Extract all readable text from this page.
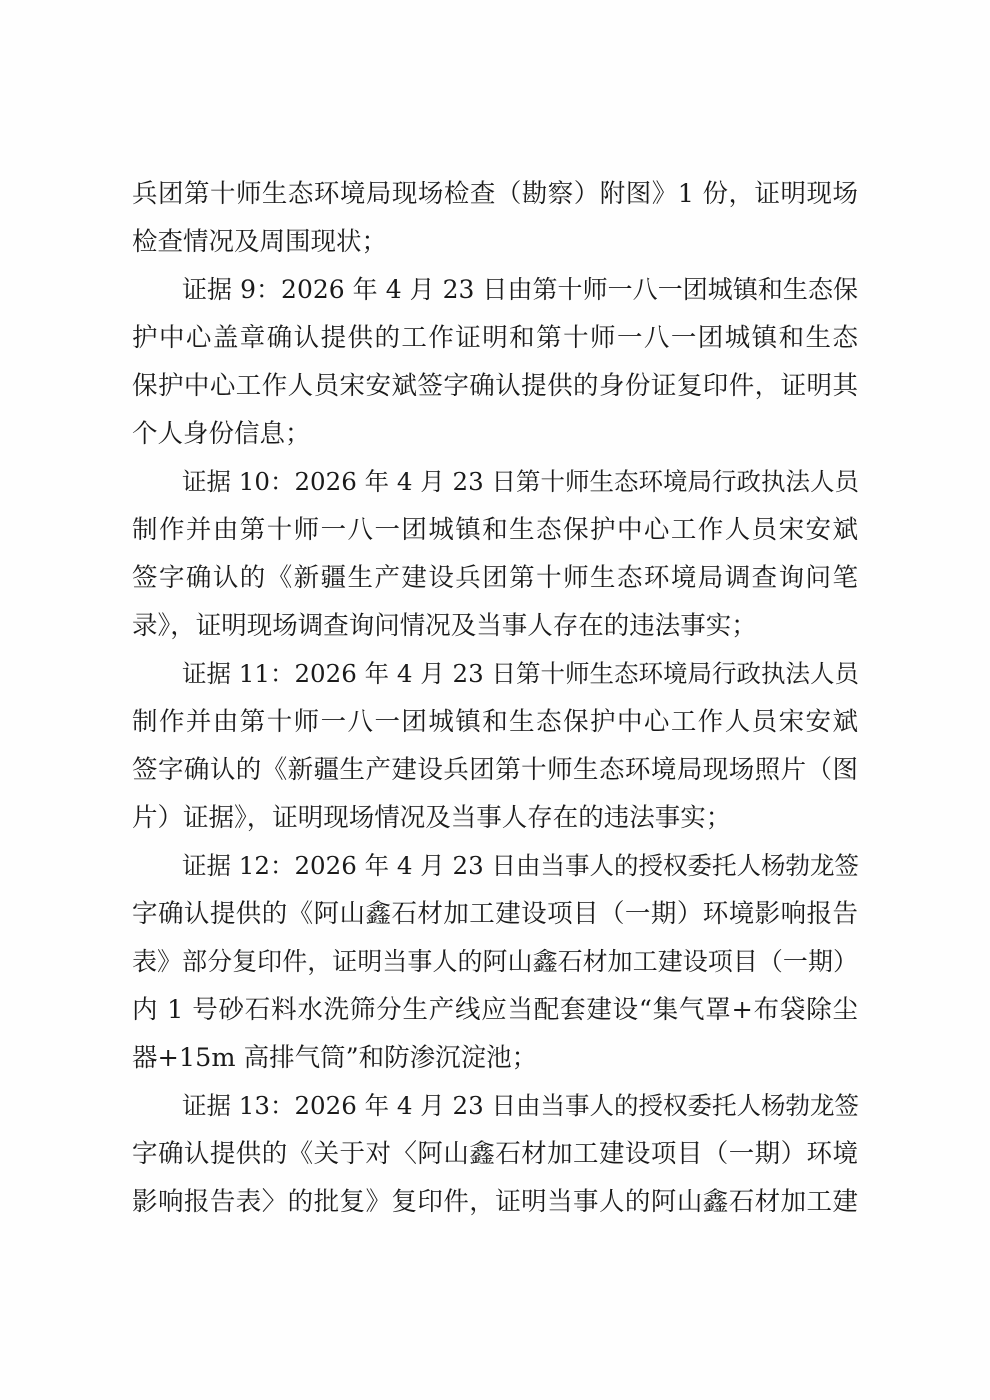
兵团第十师生态环境局现场检查（勘察）附图》1 份，证明现场
检查情况及周围现状；
证据 9：2026 年 4 月 23 日由第十师一八一团城镇和生态保
护中心盖章确认提供的工作证明和第十师一八一团城镇和生态
保护中心工作人员宋安斌签字确认提供的身份证复印件，证明其
个人身份信息；
证据 10：2026 年 4 月 23 日第十师生态环境局行政执法人员
制作并由第十师一八一团城镇和生态保护中心工作人员宋安斌
签字确认的《新疆生产建设兵团第十师生态环境局调查询问笔
录》，证明现场调查询问情况及当事人存在的违法事实；
证据 11：2026 年 4 月 23 日第十师生态环境局行政执法人员
制作并由第十师一八一团城镇和生态保护中心工作人员宋安斌
签字确认的《新疆生产建设兵团第十师生态环境局现场照片（图
片）证据》，证明现场情况及当事人存在的违法事实；
证据 12：2026 年 4 月 23 日由当事人的授权委托人杨勃龙签
字确认提供的《阿山鑫石材加工建设项目（一期）环境影响报告
表》部分复印件，证明当事人的阿山鑫石材加工建设项目（一期）
内 1 号砂石料水洗筛分生产线应当配套建设“集气罩+布袋除尘
器+15m 高排气筒”和防渗沉淀池；
证据 13：2026 年 4 月 23 日由当事人的授权委托人杨勃龙签
字确认提供的《关于对〈阿山鑫石材加工建设项目（一期）环境
影响报告表〉的批复》复印件，证明当事人的阿山鑫石材加工建
